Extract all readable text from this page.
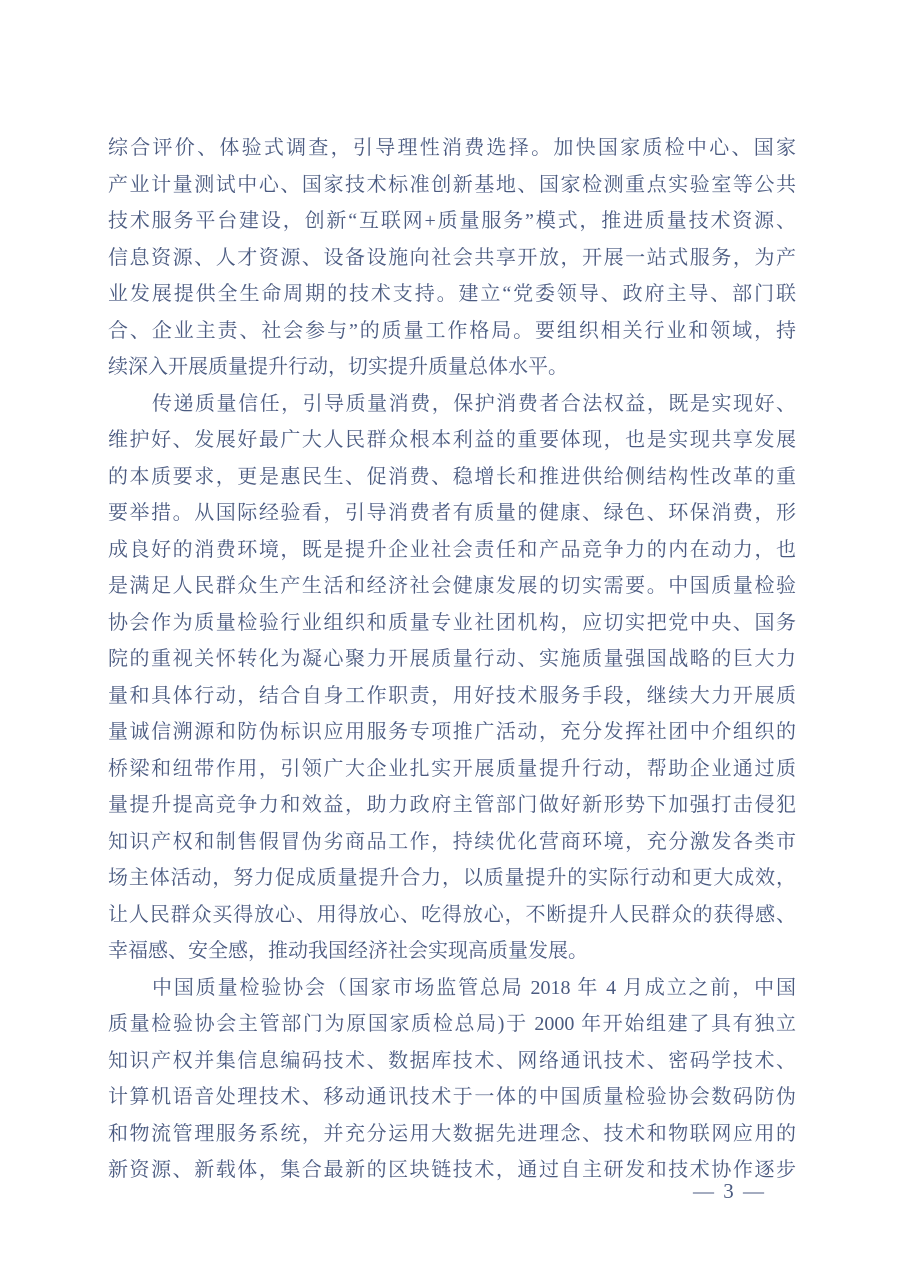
综合评价、体验式调查，引导理性消费选择。加快国家质检中心、国家
产业计量测试中心、国家技术标准创新基地、国家检测重点实验室等公共
技术服务平台建设，创新“互联网+质量服务”模式，推进质量技术资源、
信息资源、人才资源、设备设施向社会共享开放，开展一站式服务，为产
业发展提供全生命周期的技术支持。建立“党委领导、政府主导、部门联
合、企业主责、社会参与”的质量工作格局。要组织相关行业和领域，持
续深入开展质量提升行动，切实提升质量总体水平。
传递质量信任，引导质量消费，保护消费者合法权益，既是实现好、
维护好、发展好最广大人民群众根本利益的重要体现，也是实现共享发展
的本质要求，更是惠民生、促消费、稳增长和推进供给侧结构性改革的重
要举措。从国际经验看，引导消费者有质量的健康、绿色、环保消费，形
成良好的消费环境，既是提升企业社会责任和产品竞争力的内在动力，也
是满足人民群众生产生活和经济社会健康发展的切实需要。中国质量检验
协会作为质量检验行业组织和质量专业社团机构，应切实把党中央、国务
院的重视关怀转化为凝心聚力开展质量行动、实施质量强国战略的巨大力
量和具体行动，结合自身工作职责，用好技术服务手段，继续大力开展质
量诚信溯源和防伪标识应用服务专项推广活动，充分发挥社团中介组织的
桥梁和纽带作用，引领广大企业扎实开展质量提升行动，帮助企业通过质
量提升提高竞争力和效益，助力政府主管部门做好新形势下加强打击侵犯
知识产权和制售假冒伪劣商品工作，持续优化营商环境，充分激发各类市
场主体活动，努力促成质量提升合力，以质量提升的实际行动和更大成效，
让人民群众买得放心、用得放心、吃得放心，不断提升人民群众的获得感、
幸福感、安全感，推动我国经济社会实现高质量发展。
中国质量检验协会（国家市场监管总局 2018 年 4 月成立之前，中国
质量检验协会主管部门为原国家质检总局)于 2000 年开始组建了具有独立
知识产权并集信息编码技术、数据库技术、网络通讯技术、密码学技术、
计算机语音处理技术、移动通讯技术于一体的中国质量检验协会数码防伪
和物流管理服务系统，并充分运用大数据先进理念、技术和物联网应用的
新资源、新载体，集合最新的区块链技术，通过自主研发和技术协作逐步
— 3 —
